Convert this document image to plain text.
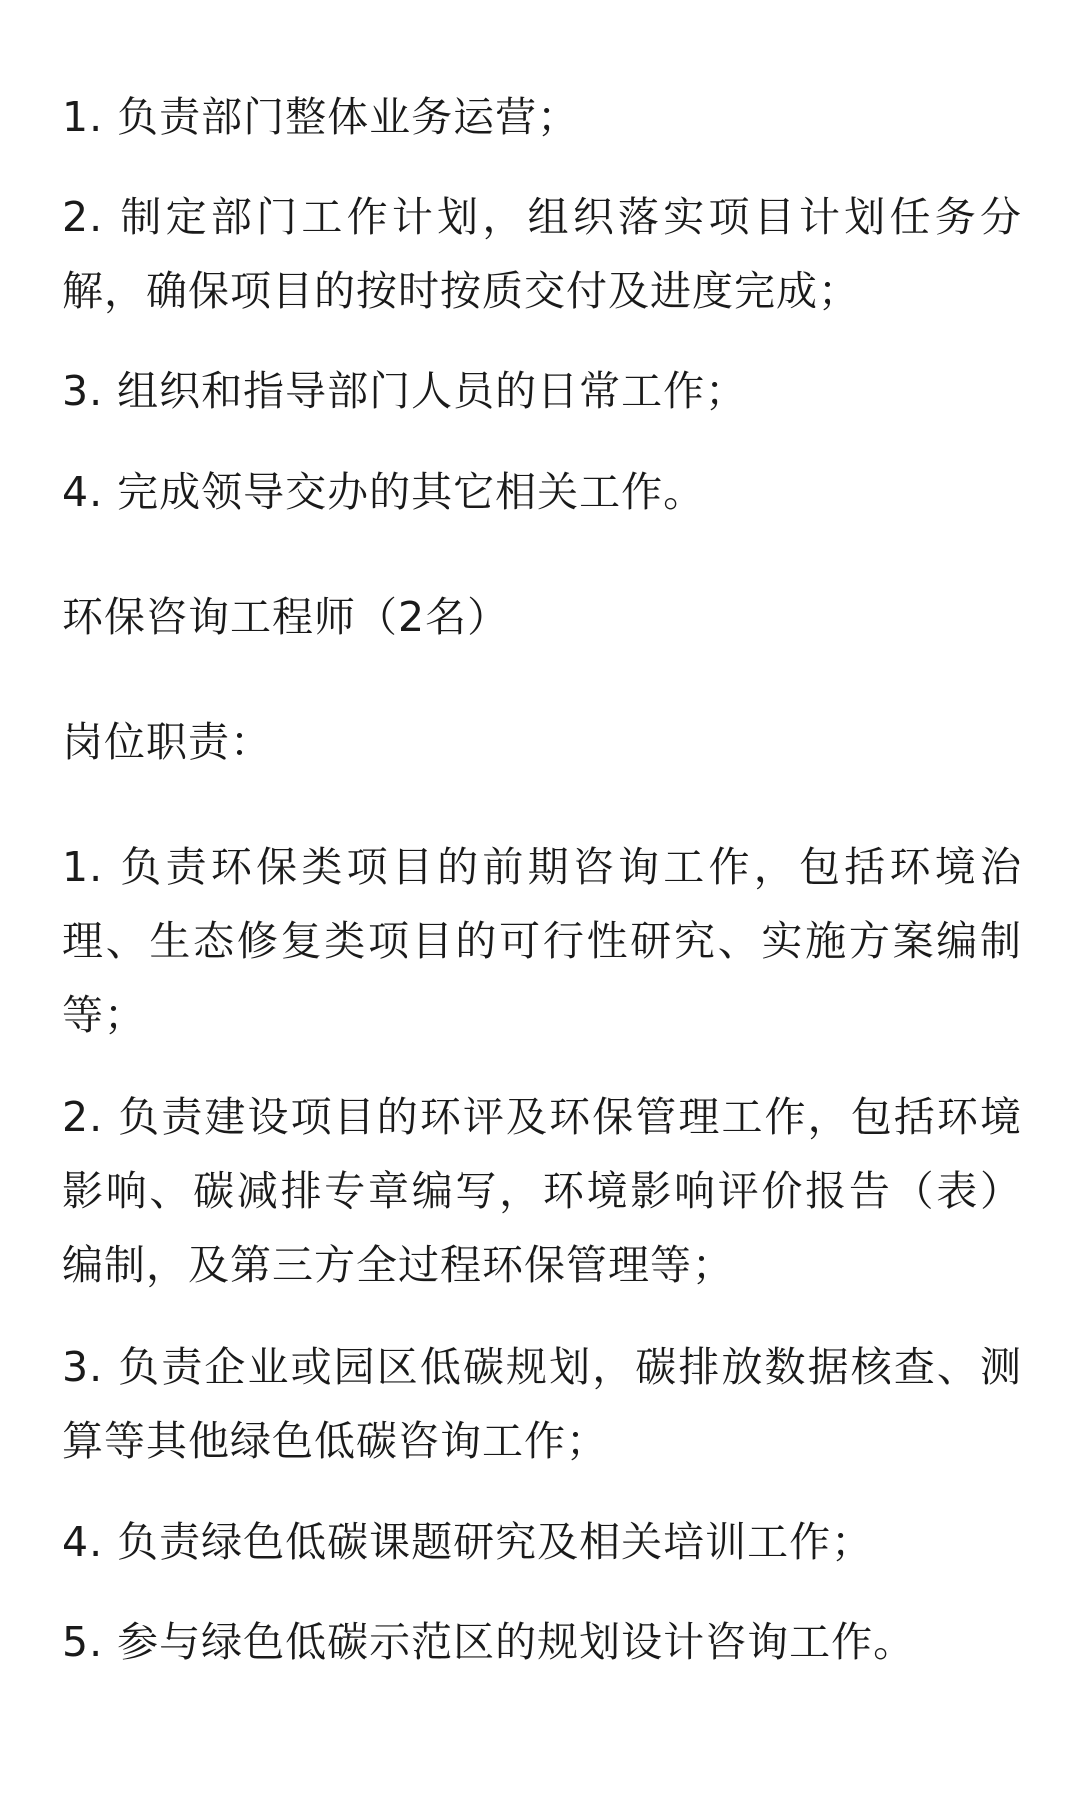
1. 负责部门整体业务运营；

2. 制定部门工作计划，组织落实项目计划任务分解，确保项目的按时按质交付及进度完成；

3. 组织和指导部门人员的日常工作；

4. 完成领导交办的其它相关工作。

环保咨询工程师（2名）

岗位职责：

1. 负责环保类项目的前期咨询工作，包括环境治理、生态修复类项目的可行性研究、实施方案编制等；

2. 负责建设项目的环评及环保管理工作，包括环境影响、碳减排专章编写，环境影响评价报告（表）编制，及第三方全过程环保管理等；

3. 负责企业或园区低碳规划，碳排放数据核查、测算等其他绿色低碳咨询工作；

4. 负责绿色低碳课题研究及相关培训工作；

5. 参与绿色低碳示范区的规划设计咨询工作。
